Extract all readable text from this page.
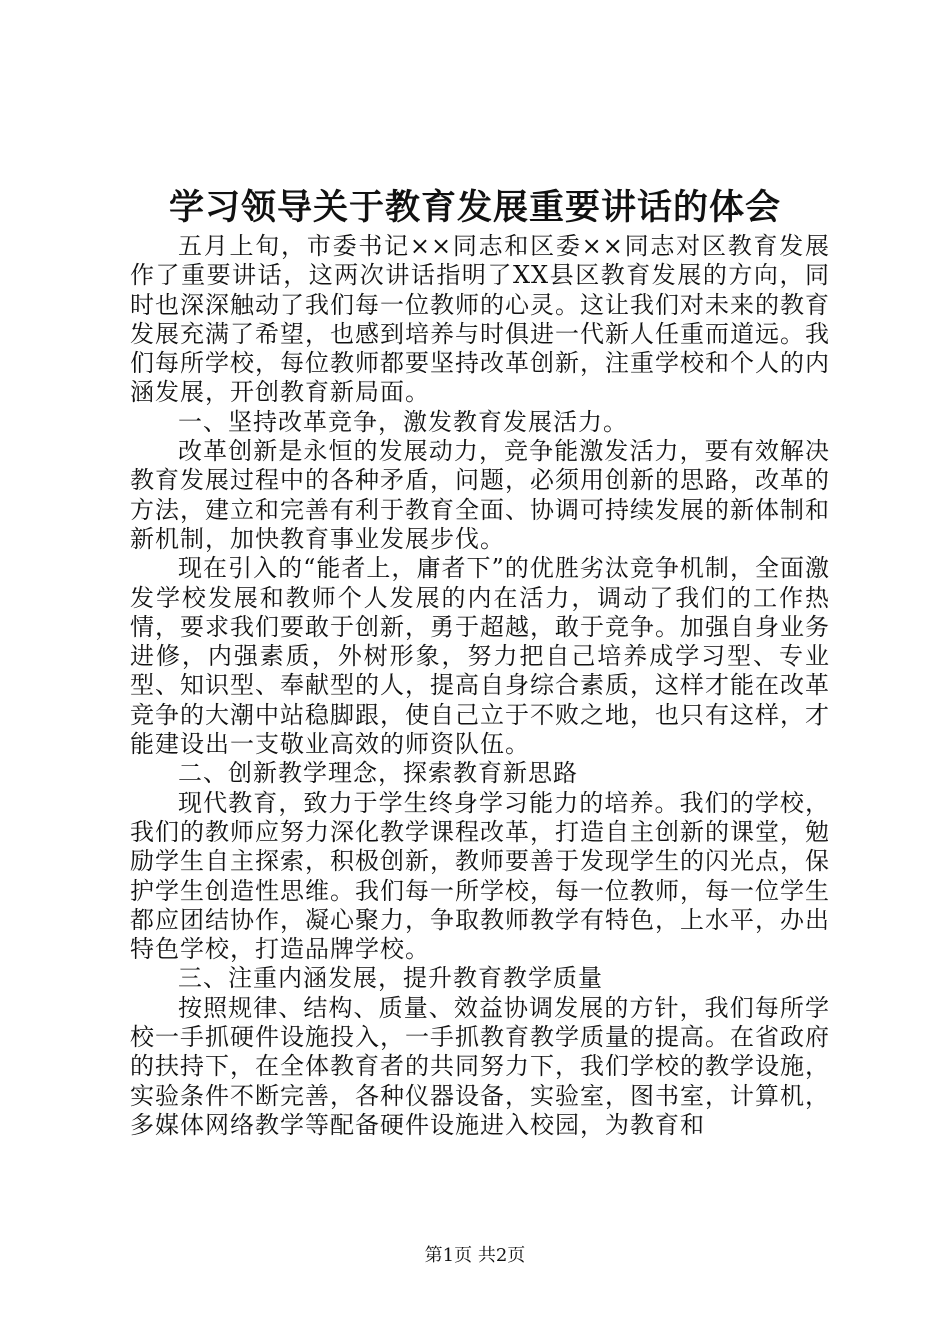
学习领导关于教育发展重要讲话的体会

五月上旬，市委书记××同志和区委××同志对区教育发展作了重要讲话，这两次讲话指明了XX县区教育发展的方向，同时也深深触动了我们每一位教师的心灵。这让我们对未来的教育发展充满了希望，也感到培养与时俱进一代新人任重而道远。我们每所学校，每位教师都要坚持改革创新，注重学校和个人的内涵发展，开创教育新局面。

一、坚持改革竞争，激发教育发展活力。

改革创新是永恒的发展动力，竞争能激发活力，要有效解决教育发展过程中的各种矛盾，问题，必须用创新的思路，改革的方法，建立和完善有利于教育全面、协调可持续发展的新体制和新机制，加快教育事业发展步伐。

现在引入的“能者上，庸者下”的优胜劣汰竞争机制，全面激发学校发展和教师个人发展的内在活力，调动了我们的工作热情，要求我们要敢于创新，勇于超越，敢于竞争。加强自身业务进修，内强素质，外树形象，努力把自己培养成学习型、专业型、知识型、奉献型的人，提高自身综合素质，这样才能在改革竞争的大潮中站稳脚跟，使自己立于不败之地，也只有这样，才能建设出一支敬业高效的师资队伍。

二、创新教学理念，探索教育新思路

现代教育，致力于学生终身学习能力的培养。我们的学校，我们的教师应努力深化教学课程改革，打造自主创新的课堂，勉励学生自主探索，积极创新，教师要善于发现学生的闪光点，保护学生创造性思维。我们每一所学校，每一位教师，每一位学生都应团结协作，凝心聚力，争取教师教学有特色，上水平，办出特色学校，打造品牌学校。

三、注重内涵发展，提升教育教学质量

按照规律、结构、质量、效益协调发展的方针，我们每所学校一手抓硬件设施投入，一手抓教育教学质量的提高。在省政府的扶持下，在全体教育者的共同努力下，我们学校的教学设施，实验条件不断完善，各种仪器设备，实验室，图书室，计算机，多媒体网络教学等配备硬件设施进入校园，为教育和

第1页 共2页
